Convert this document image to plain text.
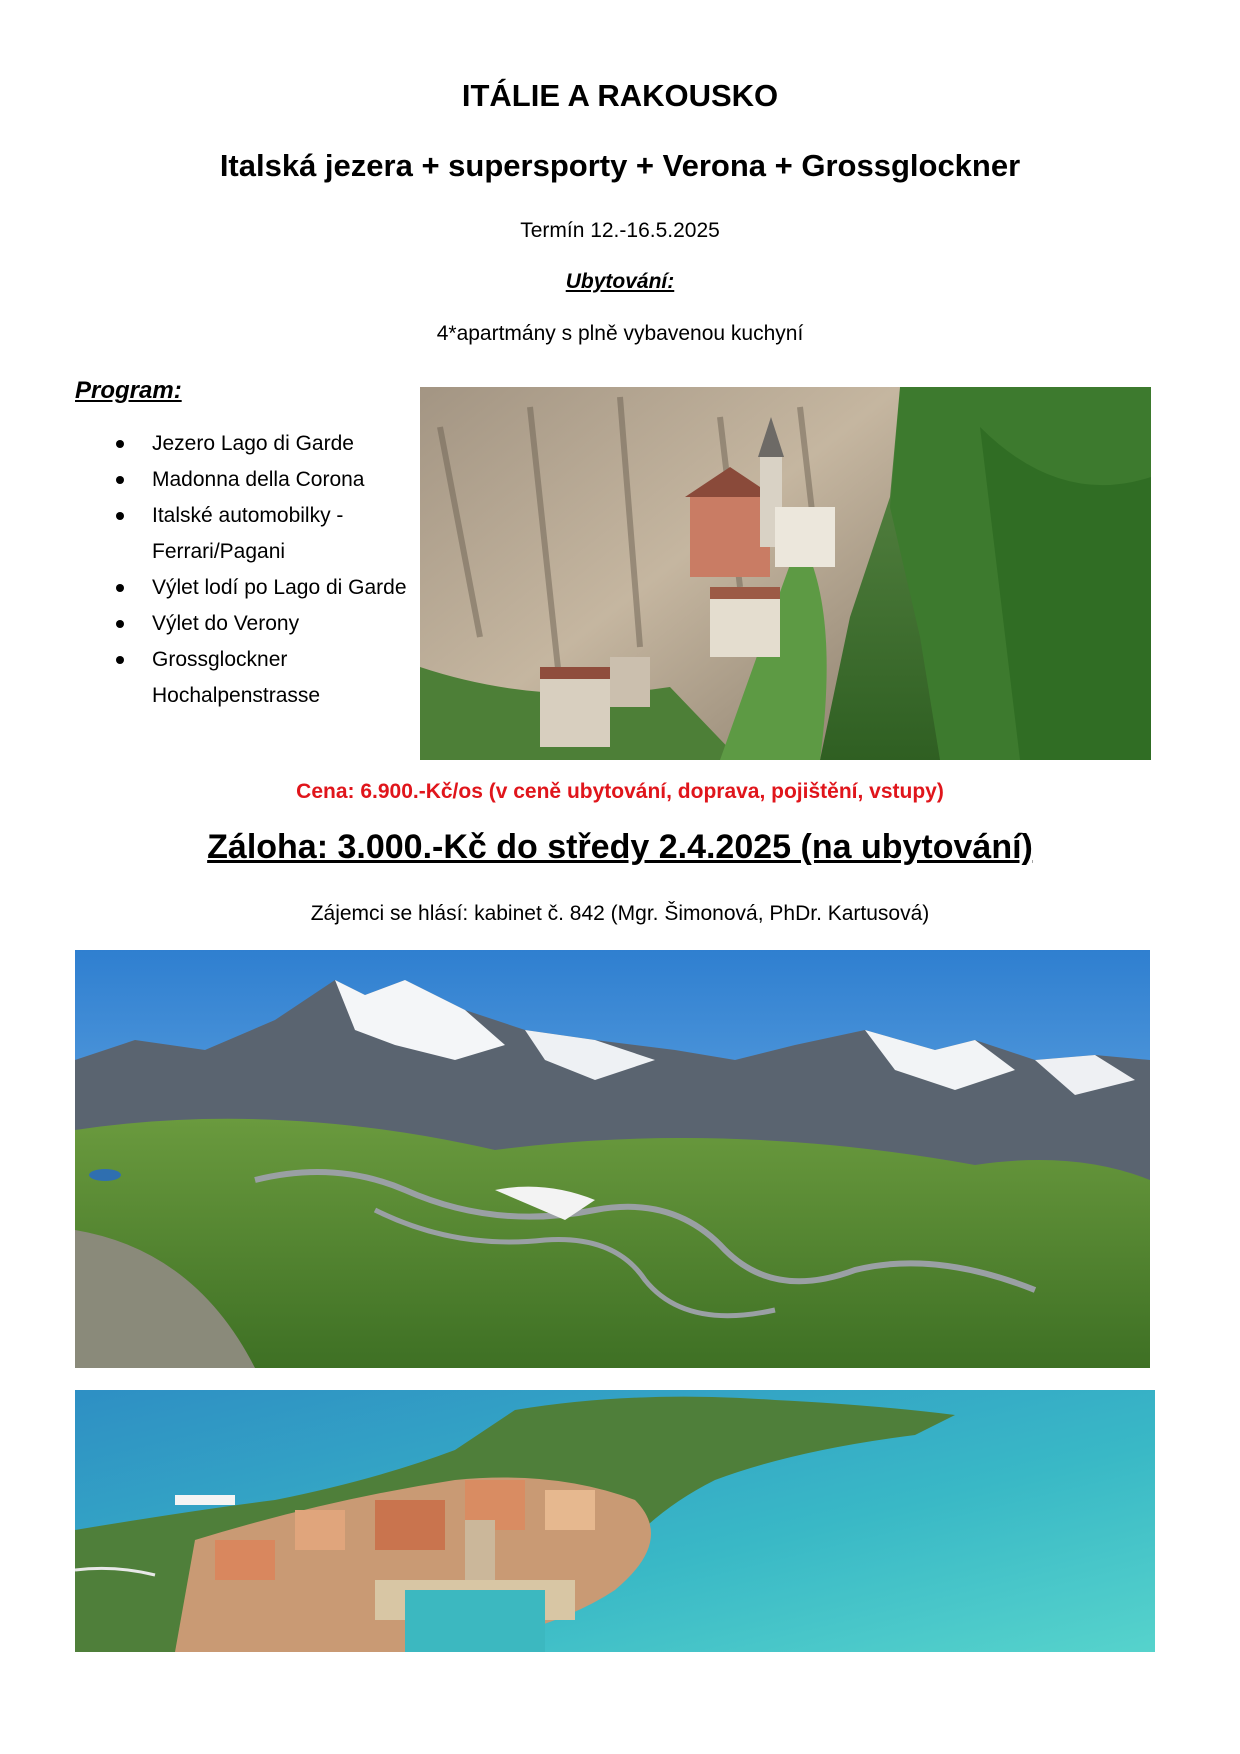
ITÁLIE A RAKOUSKO
Italská jezera + supersporty + Verona + Grossglockner
Termín 12.-16.5.2025
Ubytování:
4*apartmány s plně vybavenou kuchyní
Program:
Jezero Lago di Garde
Madonna della Corona
Italské automobilky - Ferrari/Pagani
Výlet lodí po Lago di Garde
Výlet do Verony
Grossglockner Hochalpenstrasse
Cena: 6.900.-Kč/os (v ceně ubytování, doprava, pojištění, vstupy)
Záloha: 3.000.-Kč do středy 2.4.2025 (na ubytování)
Zájemci se hlásí: kabinet č. 842 (Mgr. Šimonová, PhDr. Kartusová)
